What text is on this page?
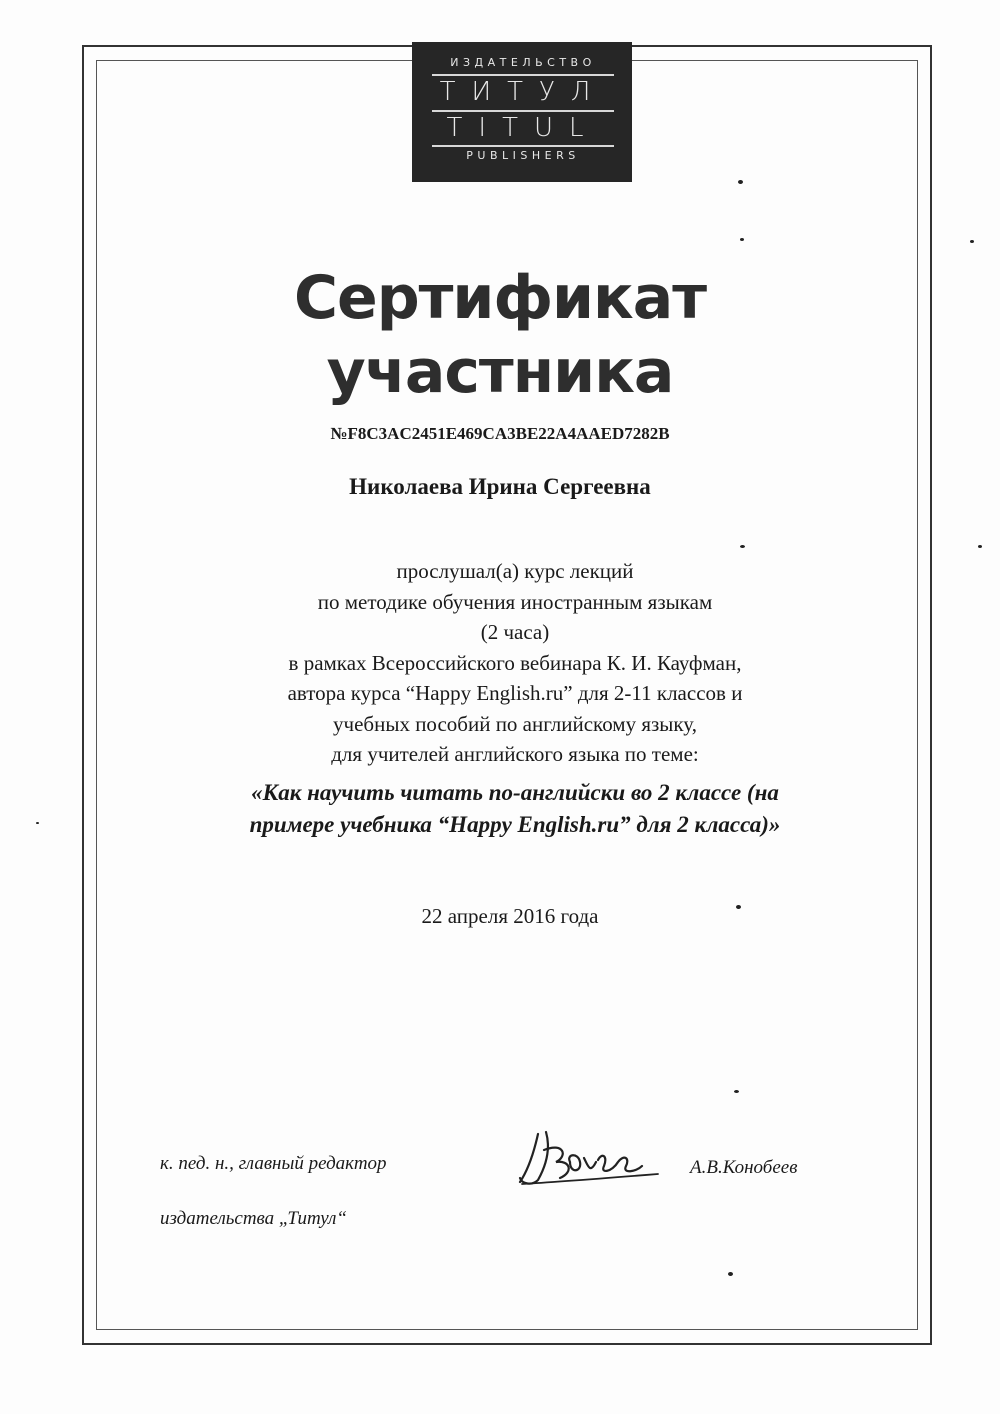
ИЗДАТЕЛЬСТВО
ТИТУЛ
TITUL
PUBLISHERS
Сертификат
участника
№F8C3AC2451E469CA3BE22A4AAED7282B
Николаева Ирина Сергеевна
прослушал(а) курс лекций
по методике обучения иностранным языкам
(2 часа)
в рамках Всероссийского вебинара К. И. Кауфман,
автора курса “Happy English.ru” для 2-11 классов и
учебных пособий по английскому языку,
для учителей английского языка по теме:
«Как научить читать по-английски во 2 классе (на
примере учебника “Happy English.ru” для 2 класса)»
22 апреля 2016 года
к. пед. н., главный редактор
издательства „Титул“
А.В.Конобеев
